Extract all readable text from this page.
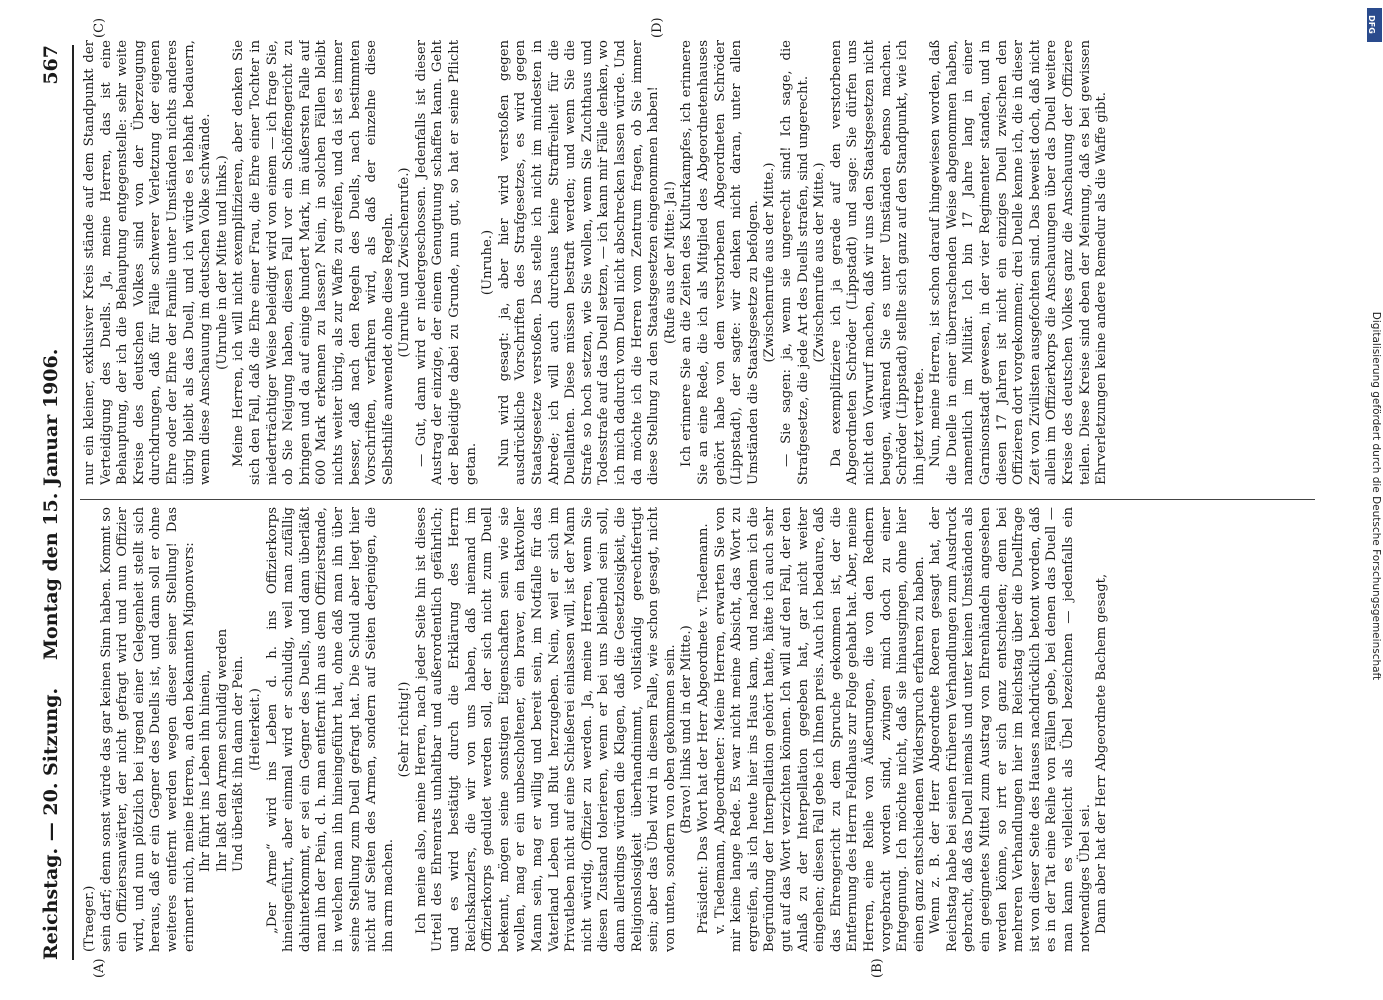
Reichstag. — 20. Sitzung.
Montag den 15. Januar 1906.
567
(A)	(B)
(C)	(D)

(Traeger.) sein darf; denn sonst würde das gar keinen Sinn haben. Kommt so ein Offiziersanwärter, der nicht gefragt wird und nun Offizier wird, und nun plötzlich bei irgend einer Gelegenheit stellt sich heraus, daß er ein Gegner des Duells ist, und dann soll er ohne weiteres entfernt werden wegen dieser seiner Stellung! Das erinnert mich, meine Herren, an den bekannten Mignonvers: Ihr führt ins Leben ihn hinein, Ihr laßt den Armen schuldig werden Und überläßt ihn dann der Pein. (Heiterkeit.) „Der Arme“ wird ins Leben d. h. ins Offizierkorps hineingeführt, aber einmal wird er schuldig, weil man zufällig dahinterkommt, er sei ein Gegner des Duells, und dann überläßt man ihn der Pein, d. h. man entfernt ihn aus dem Offizierstande, in welchen man ihn hineingeführt hat, ohne daß man ihn über seine Stellung zum Duell gefragt hat. Die Schuld aber liegt hier nicht auf Seiten des Armen, sondern auf Seiten derjenigen, die ihn arm machen.

(Sehr richtig!) Ich meine also, meine Herren, nach jeder Seite hin ist dieses Urteil des Ehrenrats unhaltbar und außerordentlich gefährlich; und es wird bestätigt durch die Erklärung des Herrn Reichskanzlers, die wir von uns haben, daß niemand im Offizierkorps geduldet werden soll, der sich nicht zum Duell bekennt, mögen seine sonstigen Eigenschaften sein wie sie wollen, mag er ein unbescholtener, ein braver, ein taktvoller Mann sein, mag er willig und bereit sein, im Notfalle für das Vaterland Leben und Blut herzugeben. Nein, weil er sich im Privatleben nicht auf eine Schießerei einlassen will, ist der Mann nicht würdig, Offizier zu werden. Ja, meine Herren, wenn Sie diesen Zustand tolerieren, wenn er bei uns bleibend sein soll, dann allerdings würden die Klagen, daß die Gesetzlosigkeit, die Religionslosigkeit überhandnimmt, vollständig gerechtfertigt sein; aber das Übel wird in diesem Falle, wie schon gesagt, nicht von unten, sondern von oben gekommen sein. (Bravo! links und in der Mitte.) Präsident: Das Wort hat der Herr Abgeordnete v. Tiedemann. v. Tiedemann, Abgeordneter: Meine Herren, erwarten Sie von mir keine lange Rede. Es war nicht meine Absicht, das Wort zu ergreifen, als ich heute hier ins Haus kam, und nachdem ich die Begründung der Interpellation gehört hatte, hätte ich auch sehr gut auf das Wort verzichten können. Ich will auf den Fall, der den Anlaß zu der Interpellation gegeben hat, gar nicht weiter eingehen; diesen Fall gebe ich Ihnen preis. Auch ich bedaure, daß das Ehrengericht zu dem Spruche gekommen ist, der die Entfernung des Herrn Feldhaus zur Folge gehabt hat. Aber, meine Herren, eine Reihe von Äußerungen, die von den Rednern vorgebracht worden sind, zwingen mich doch zu einer Entgegnung. Ich möchte nicht, daß sie hinausgingen, ohne hier einen ganz entschiedenen Widerspruch erfahren zu haben. Wenn z. B. der Herr Abgeordnete Roeren gesagt hat, der Reichstag habe bei seinen früheren Verhandlungen zum Ausdruck gebracht, daß das Duell niemals und unter keinen Umständen als ein geeignetes Mittel zum Austrag von Ehrenhändeln angesehen werden könne, so irrt er sich ganz entschieden; denn bei mehreren Verhandlungen hier im Reichstag über die Duellfrage ist von dieser Seite des Hauses nachdrücklich betont worden, daß es in der Tat eine Reihe von Fällen gebe, bei denen das Duell — man kann es vielleicht als Übel bezeichnen — jedenfalls ein notwendiges Übel sei. Dann aber hat der Herr Abgeordnete Bachem gesagt,

nur ein kleiner, exklusiver Kreis stände auf dem Standpunkt der Verteidigung des Duells. Ja, meine Herren, das ist eine Behauptung, der ich die Behauptung entgegenstelle: sehr weite Kreise des deutschen Volkes sind von der Überzeugung durchdrungen, daß für Fälle schwerer Verletzung der eigenen Ehre oder der Ehre der Familie unter Umständen nichts anderes übrig bleibt als das Duell, und ich würde es lebhaft bedauern, wenn diese Anschauung im deutschen Volke schwände. (Unruhe in der Mitte und links.) Meine Herren, ich will nicht exemplifizieren, aber denken Sie sich den Fall, daß die Ehre einer Frau, die Ehre einer Tochter in niederträchtiger Weise beleidigt wird von einem — ich frage Sie, ob Sie Neigung haben, diesen Fall vor ein Schöffengericht zu bringen und da auf einige hundert Mark, im äußersten Falle auf 600 Mark erkennen zu lassen? Nein, in solchen Fällen bleibt nichts weiter übrig, als zur Waffe zu greifen, und da ist es immer besser, daß nach den Regeln des Duells, nach bestimmten Vorschriften, verfahren wird, als daß der einzelne diese Selbsthilfe anwendet ohne diese Regeln. (Unruhe und Zwischenrufe.) — Gut, dann wird er niedergeschossen. Jedenfalls ist dieser Austrag der einzige, der einem Genugtuung schaffen kann. Geht der Beleidigte dabei zu Grunde, nun gut, so hat er seine Pflicht getan.

(Unruhe.) Nun wird gesagt: ja, aber hier wird verstoßen gegen ausdrückliche Vorschriften des Strafgesetzes, es wird gegen Staatsgesetze verstoßen. Das stelle ich nicht im mindesten in Abrede; ich will auch durchaus keine Straffreiheit für die Duellanten. Diese müssen bestraft werden; und wenn Sie die Strafe so hoch setzen, wie Sie wollen, wenn Sie Zuchthaus und Todesstrafe auf das Duell setzen, — ich kann mir Fälle denken, wo ich mich dadurch vom Duell nicht abschrecken lassen würde. Und da möchte ich die Herren vom Zentrum fragen, ob Sie immer diese Stellung zu den Staatsgesetzen eingenommen haben! (Rufe aus der Mitte: Ja!) Ich erinnere Sie an die Zeiten des Kulturkampfes, ich erinnere Sie an eine Rede, die ich als Mitglied des Abgeordnetenhauses gehört habe von dem verstorbenen Abgeordneten Schröder (Lippstadt), der sagte: wir denken nicht daran, unter allen Umständen die Staatsgesetze zu befolgen. (Zwischenrufe aus der Mitte.) — Sie sagen: ja, wenn sie ungerecht sind! Ich sage, die Strafgesetze, die jede Art des Duells strafen, sind ungerecht. (Zwischenrufe aus der Mitte.) Da exemplifiziere ich ja gerade auf den verstorbenen Abgeordneten Schröder (Lippstadt) und sage: Sie dürfen uns nicht den Vorwurf machen, daß wir uns den Staatsgesetzen nicht beugen, während Sie es unter Umständen ebenso machen. Schröder (Lippstadt) stellte sich ganz auf den Standpunkt, wie ich ihn jetzt vertrete. Nun, meine Herren, ist schon darauf hingewiesen worden, daß die Duelle in einer überraschenden Weise abgenommen haben, namentlich im Militär. Ich bin 17 Jahre lang in einer Garnisonstadt gewesen, in der vier Regimenter standen, und in diesen 17 Jahren ist nicht ein einziges Duell zwischen den Offizieren dort vorgekommen; drei Duelle kenne ich, die in dieser Zeit von Zivilisten ausgefochten sind. Das beweist doch, daß nicht allein im Offizierkorps die Anschauungen über das Duell weitere Kreise des deutschen Volkes ganz die Anschauung der Offiziere teilen. Diese Kreise sind eben der Meinung, daß es bei gewissen Ehrverletzungen keine andere Remedur als die Waffe gibt.

Digitalisierung gefördert durch die Deutsche Forschungsgemeinschaft
DFG
